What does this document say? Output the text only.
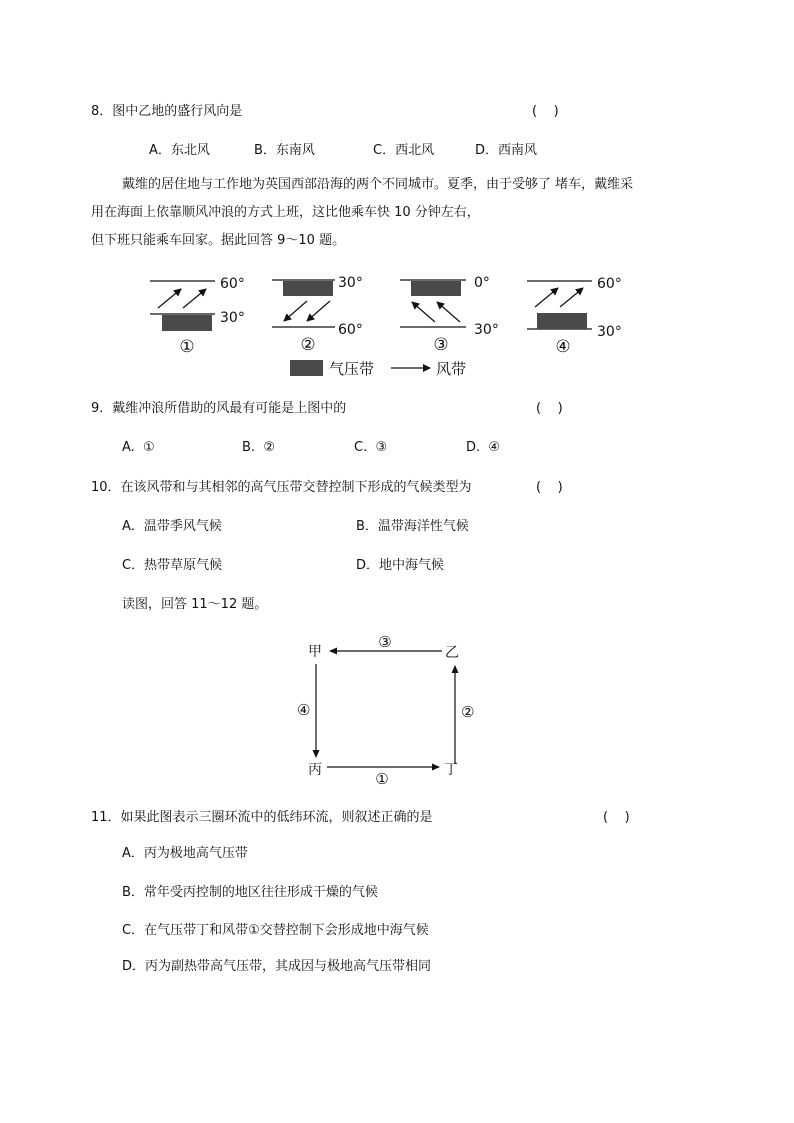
8．图中乙地的盛行风向是	(    )
A．东北风	B．东南风	C．西北风	D．西南风
戴维的居住地与工作地为英国西部沿海的两个不同城市。夏季，由于受够了 堵车，戴维采
用在海面上依靠顺风冲浪的方式上班，这比他乘车快 10 分钟左右，
但下班只能乘车回家。据此回答 9～10 题。
60°
30°
①
30°
60°
②
0°
30°
③
60°
30°
④
气压带	风带
9．戴维冲浪所借助的风最有可能是上图中的	(    )
A.  ①	B.  ②	C.  ③	D.  ④
10．在该风带和与其相邻的高气压带交替控制下形成的气候类型为	(    )
A．温带季风气候	B．温带海洋性气候
C．热带草原气候	D．地中海气候
读图，回答 11～12 题。
甲	乙
丙	丁
③
②
④
①
11．如果此图表示三圈环流中的低纬环流，则叙述正确的是	(    )
A．丙为极地高气压带
B．常年受丙控制的地区往往形成干燥的气候
C．在气压带丁和风带①交替控制下会形成地中海气候
D．丙为副热带高气压带，其成因与极地高气压带相同
